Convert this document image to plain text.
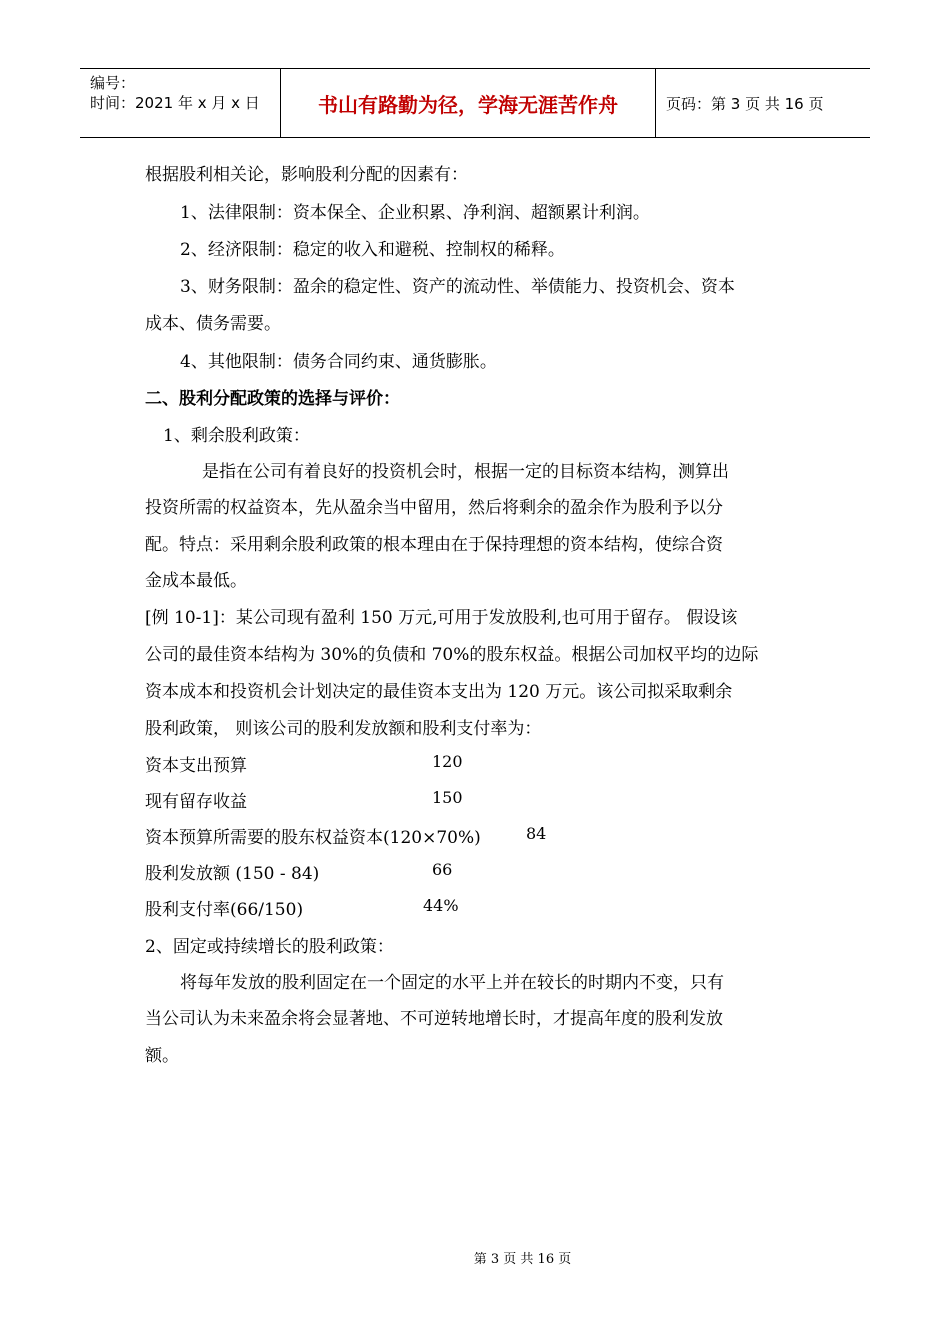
编号：
时间：2021 年 x 月 x 日	书山有路勤为径，学海无涯苦作舟	页码：第 3 页 共 16 页
根据股利相关论，影响股利分配的因素有：
1、法律限制：资本保全、企业积累、净利润、超额累计利润。
2、经济限制：稳定的收入和避税、控制权的稀释。
3、财务限制：盈余的稳定性、资产的流动性、举债能力、投资机会、资本
成本、债务需要。
4、其他限制：债务合同约束、通货膨胀。
二、股利分配政策的选择与评价：
1、剩余股利政策：
是指在公司有着良好的投资机会时，根据一定的目标资本结构，测算出
投资所需的权益资本，先从盈余当中留用，然后将剩余的盈余作为股利予以分
配。特点：采用剩余股利政策的根本理由在于保持理想的资本结构，使综合资
金成本最低。
[例 10-1]：某公司现有盈利 150 万元,可用于发放股利,也可用于留存。 假设该
公司的最佳资本结构为 30%的负债和 70%的股东权益。根据公司加权平均的边际
资本成本和投资机会计划决定的最佳资本支出为 120 万元。该公司拟采取剩余
股利政策， 则该公司的股利发放额和股利支付率为：
资本支出预算	120
现有留存收益	150
资本预算所需要的股东权益资本(120×70%)	84
股利发放额 (150 - 84)	66
股利支付率(66/150)	44%
2、固定或持续增长的股利政策：
将每年发放的股利固定在一个固定的水平上并在较长的时期内不变，只有
当公司认为未来盈余将会显著地、不可逆转地增长时，才提高年度的股利发放
额。
第 3 页 共 16 页
